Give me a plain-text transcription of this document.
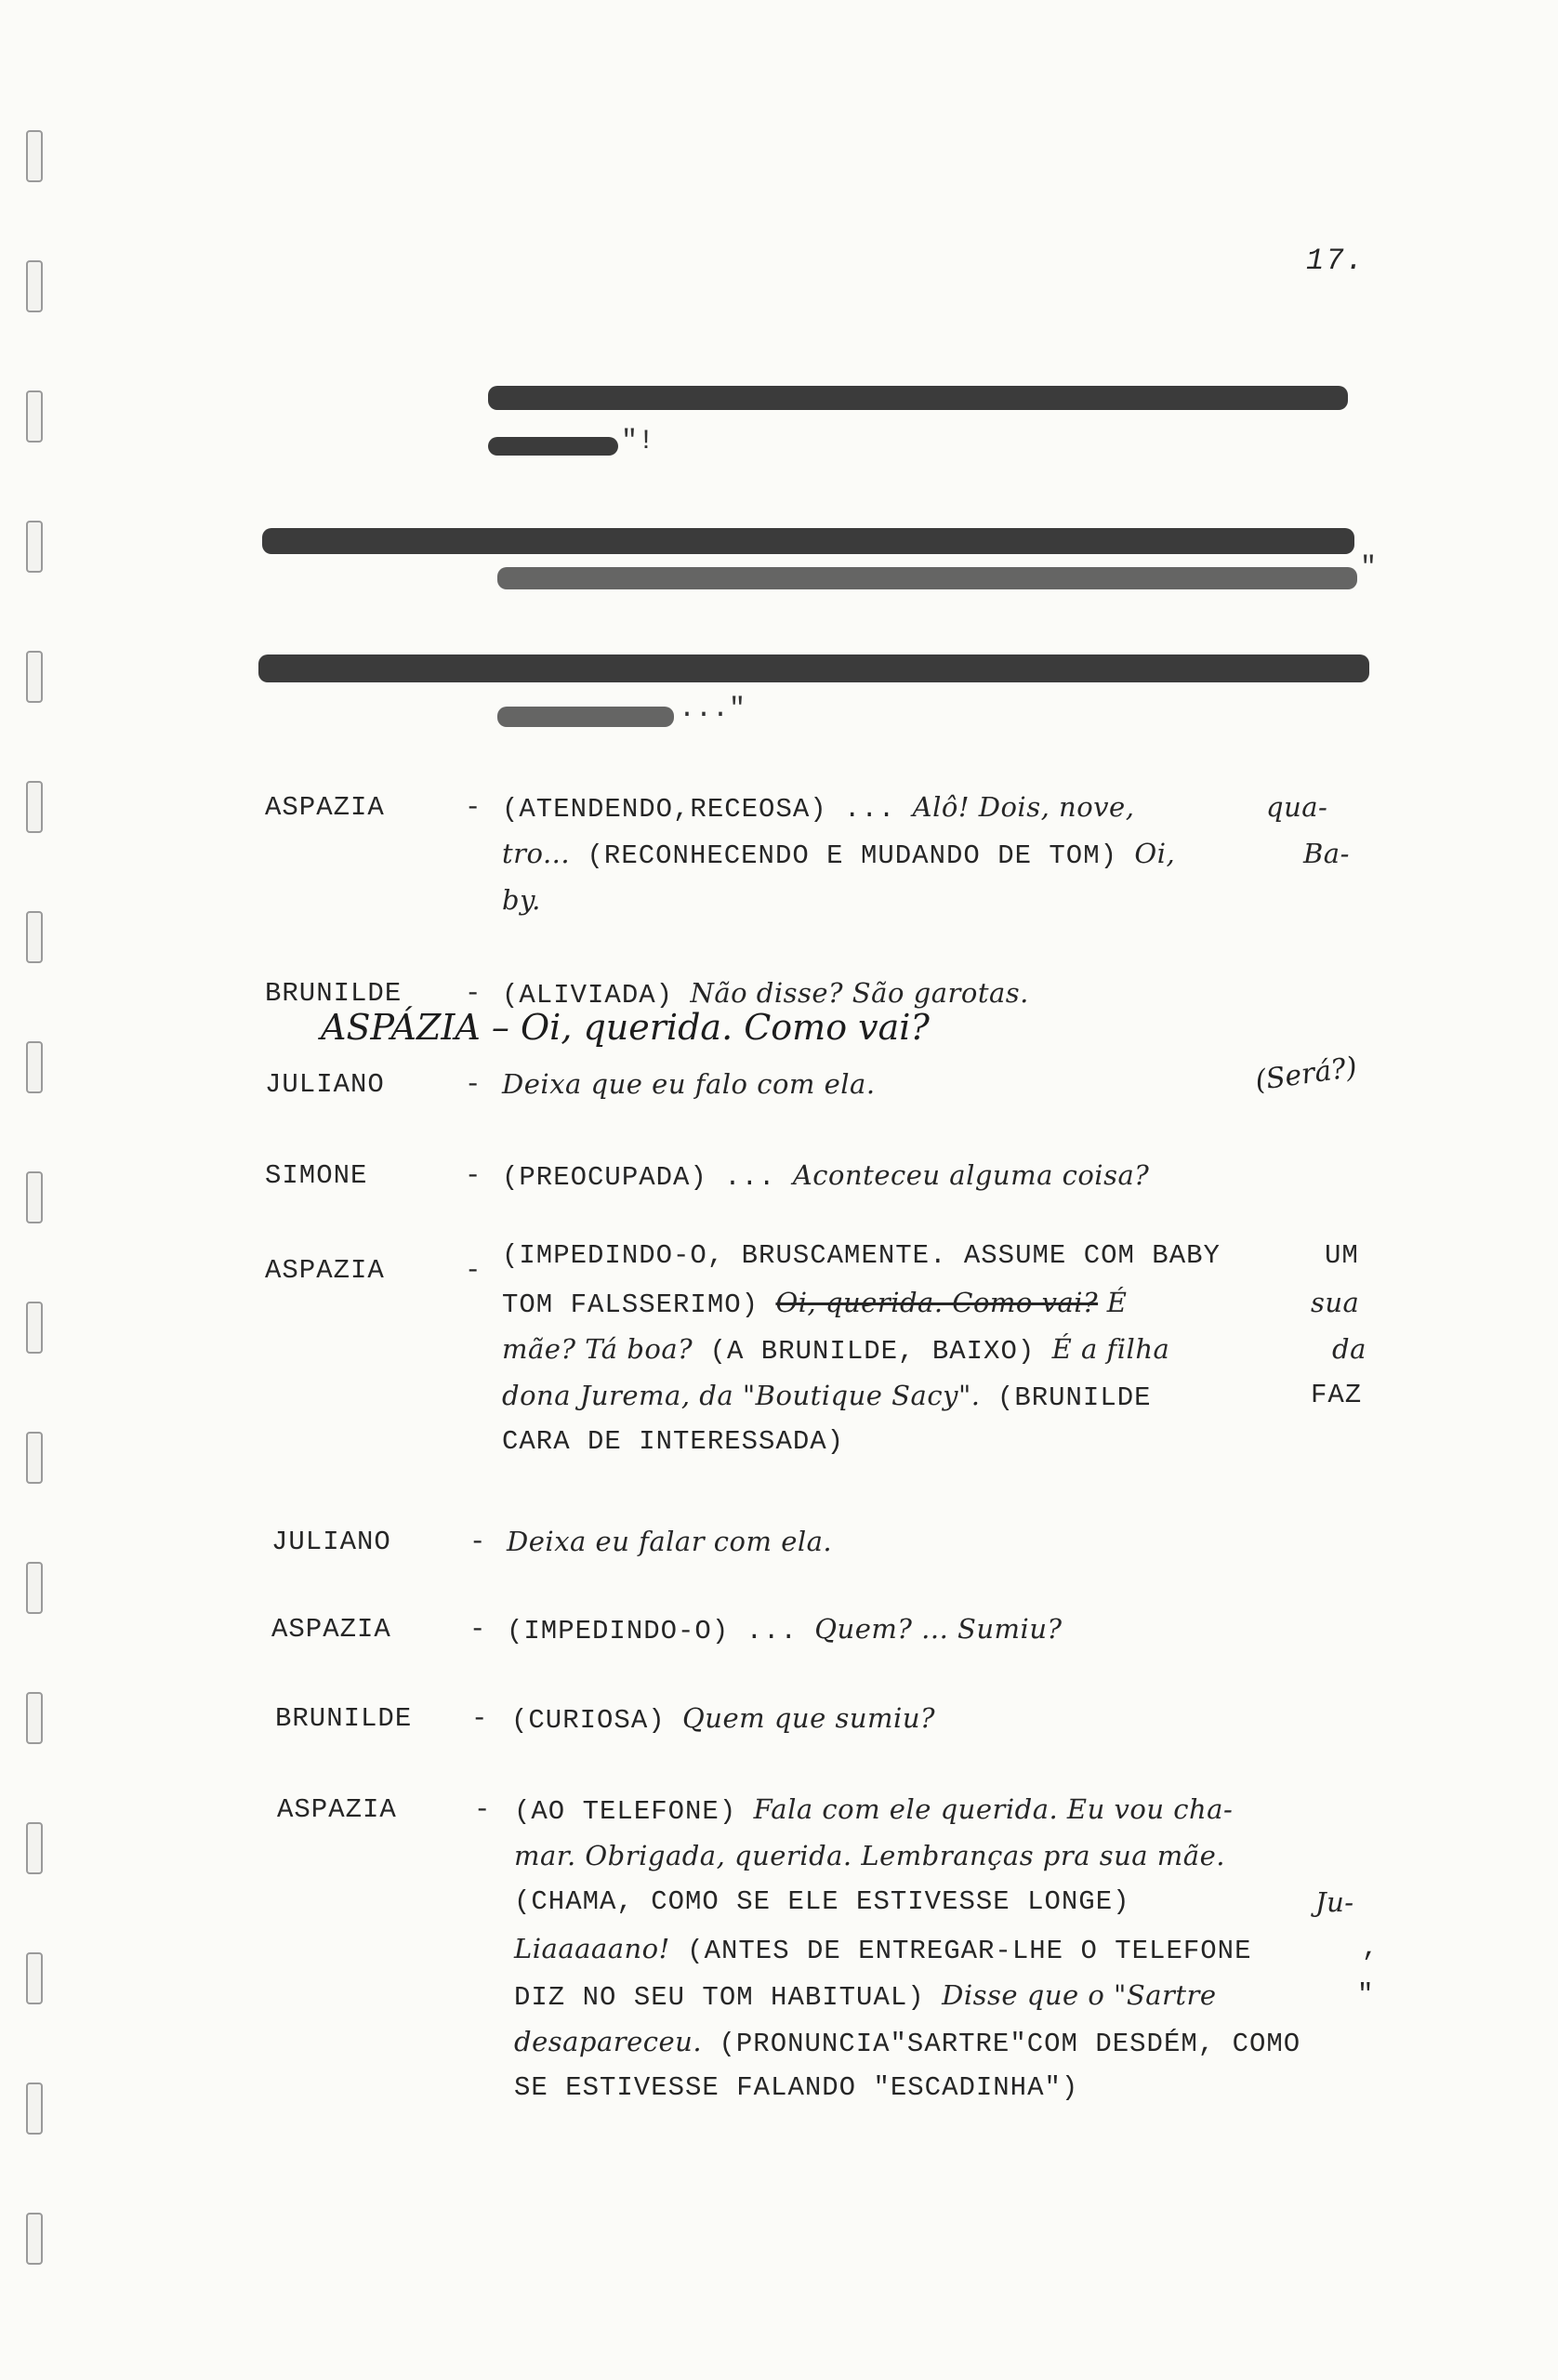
17.
"!
"
..."
ASPAZIA	- (ATENDENDO,RECEOSA) ... Alô! Dois, nove,	qua-
tro... (RECONHECENDO E MUDANDO DE TOM) Oi,	Ba-
by.
BRUNILDE	- (ALIVIADA) Não disse? São garotas.
ASPÁZIA – Oi, querida. Como vai?
JULIANO	- Deixa que eu falo com ela.	(Será?)
SIMONE	- (PREOCUPADA) ... Aconteceu alguma coisa?
ASPAZIA	- (IMPEDINDO-O, BRUSCAMENTE. ASSUME COM BABY	UM
TOM FALSSERIMO) Oi, querida. Como vai? É	sua
mãe? Tá boa? (A BRUNILDE, BAIXO) É a filha	da
dona Jurema, da "Boutique Sacy". (BRUNILDE	FAZ
CARA DE INTERESSADA)
JULIANO	- Deixa eu falar com ela.
ASPAZIA	- (IMPEDINDO-O) ... Quem? ... Sumiu?
BRUNILDE	- (CURIOSA) Quem que sumiu?
ASPAZIA	- (AO TELEFONE) Fala com ele querida. Eu vou cha-
mar. Obrigada, querida. Lembranças pra sua mãe.
(CHAMA, COMO SE ELE ESTIVESSE LONGE)	Ju-
Liaaaaano! (ANTES DE ENTREGAR-LHE O TELEFONE	,
DIZ NO SEU TOM HABITUAL) Disse que o "Sartre	"
desapareceu. (PRONUNCIA"SARTRE"COM DESDÉM, COMO
SE ESTIVESSE FALANDO "ESCADINHA")
